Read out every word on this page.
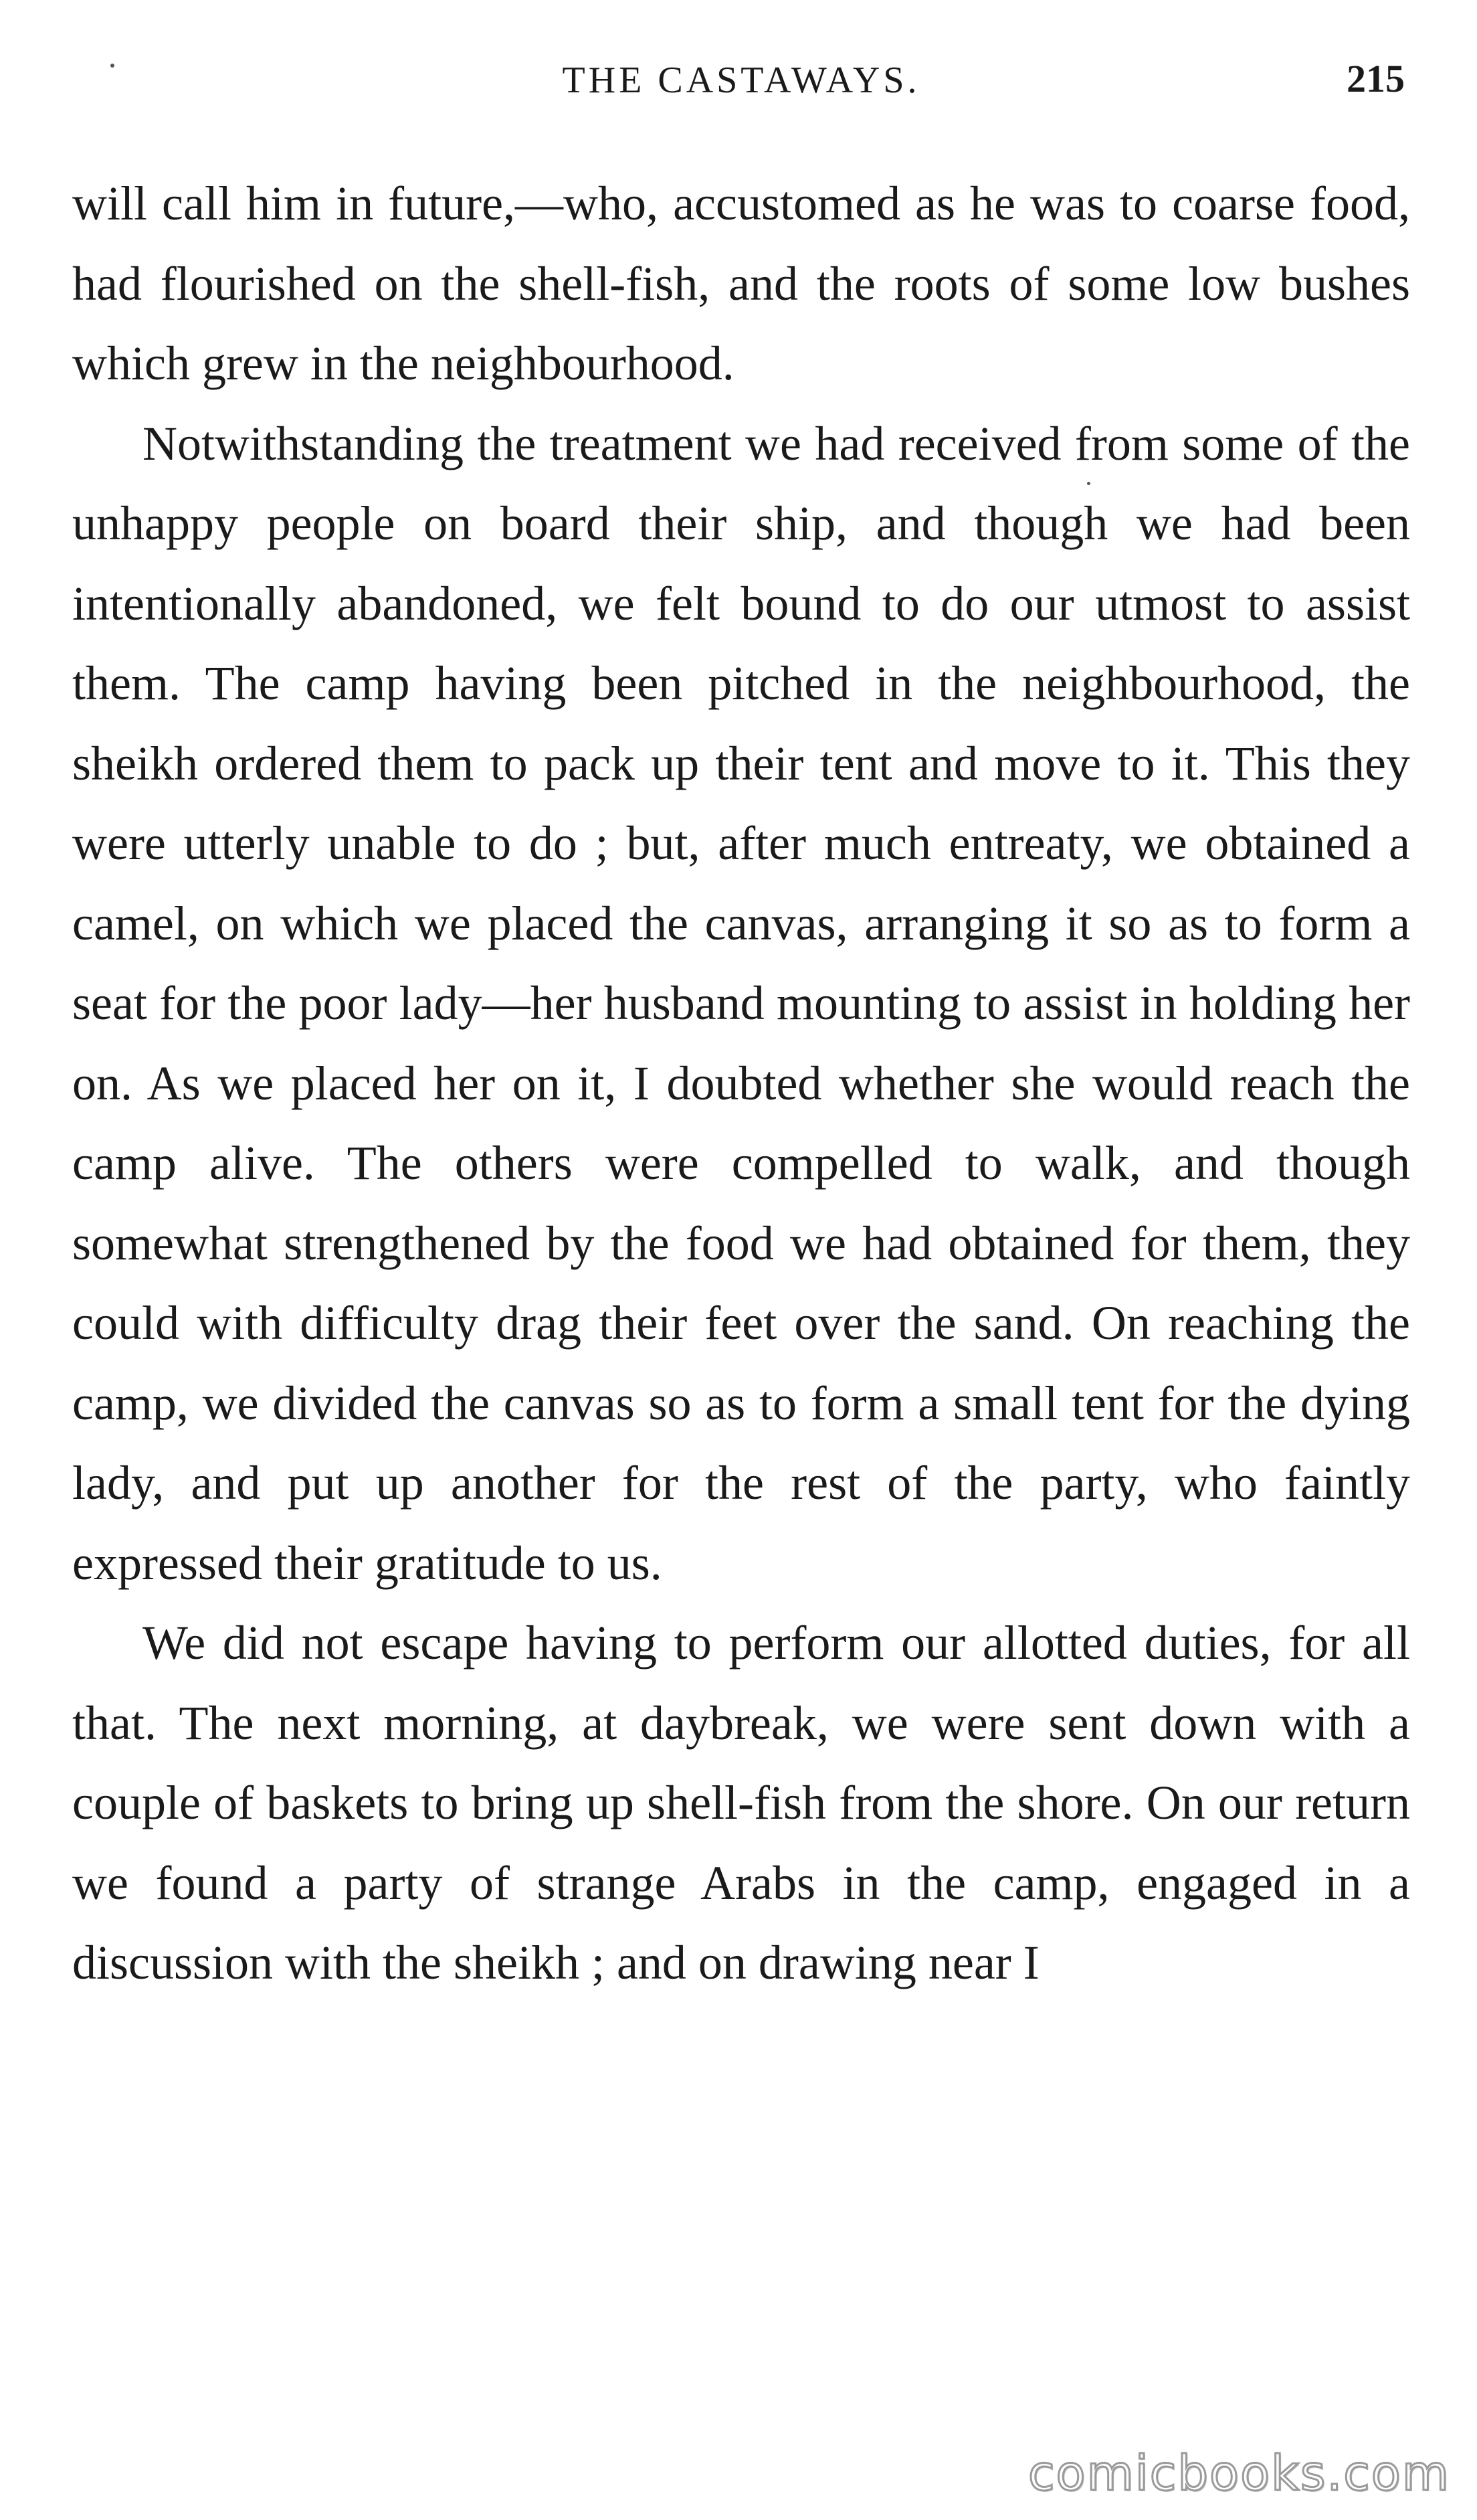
THE CASTAWAYS.	215

will call him in future,—who, accustomed as he was to coarse food, had flourished on the shell-fish, and the roots of some low bushes which grew in the neighbourhood.

Notwithstanding the treatment we had received from some of the unhappy people on board their ship, and though we had been intentionally abandoned, we felt bound to do our utmost to assist them. The camp having been pitched in the neighbourhood, the sheikh ordered them to pack up their tent and move to it. This they were utterly unable to do ; but, after much entreaty, we obtained a camel, on which we placed the canvas, arranging it so as to form a seat for the poor lady—her husband mounting to assist in holding her on. As we placed her on it, I doubted whether she would reach the camp alive. The others were compelled to walk, and though somewhat strengthened by the food we had obtained for them, they could with difficulty drag their feet over the sand. On reaching the camp, we divided the canvas so as to form a small tent for the dying lady, and put up another for the rest of the party, who faintly expressed their gratitude to us.

We did not escape having to perform our allotted duties, for all that. The next morning, at daybreak, we were sent down with a couple of baskets to bring up shell-fish from the shore. On our return we found a party of strange Arabs in the camp, engaged in a discussion with the sheikh ; and on drawing near I

comicbooks.com
